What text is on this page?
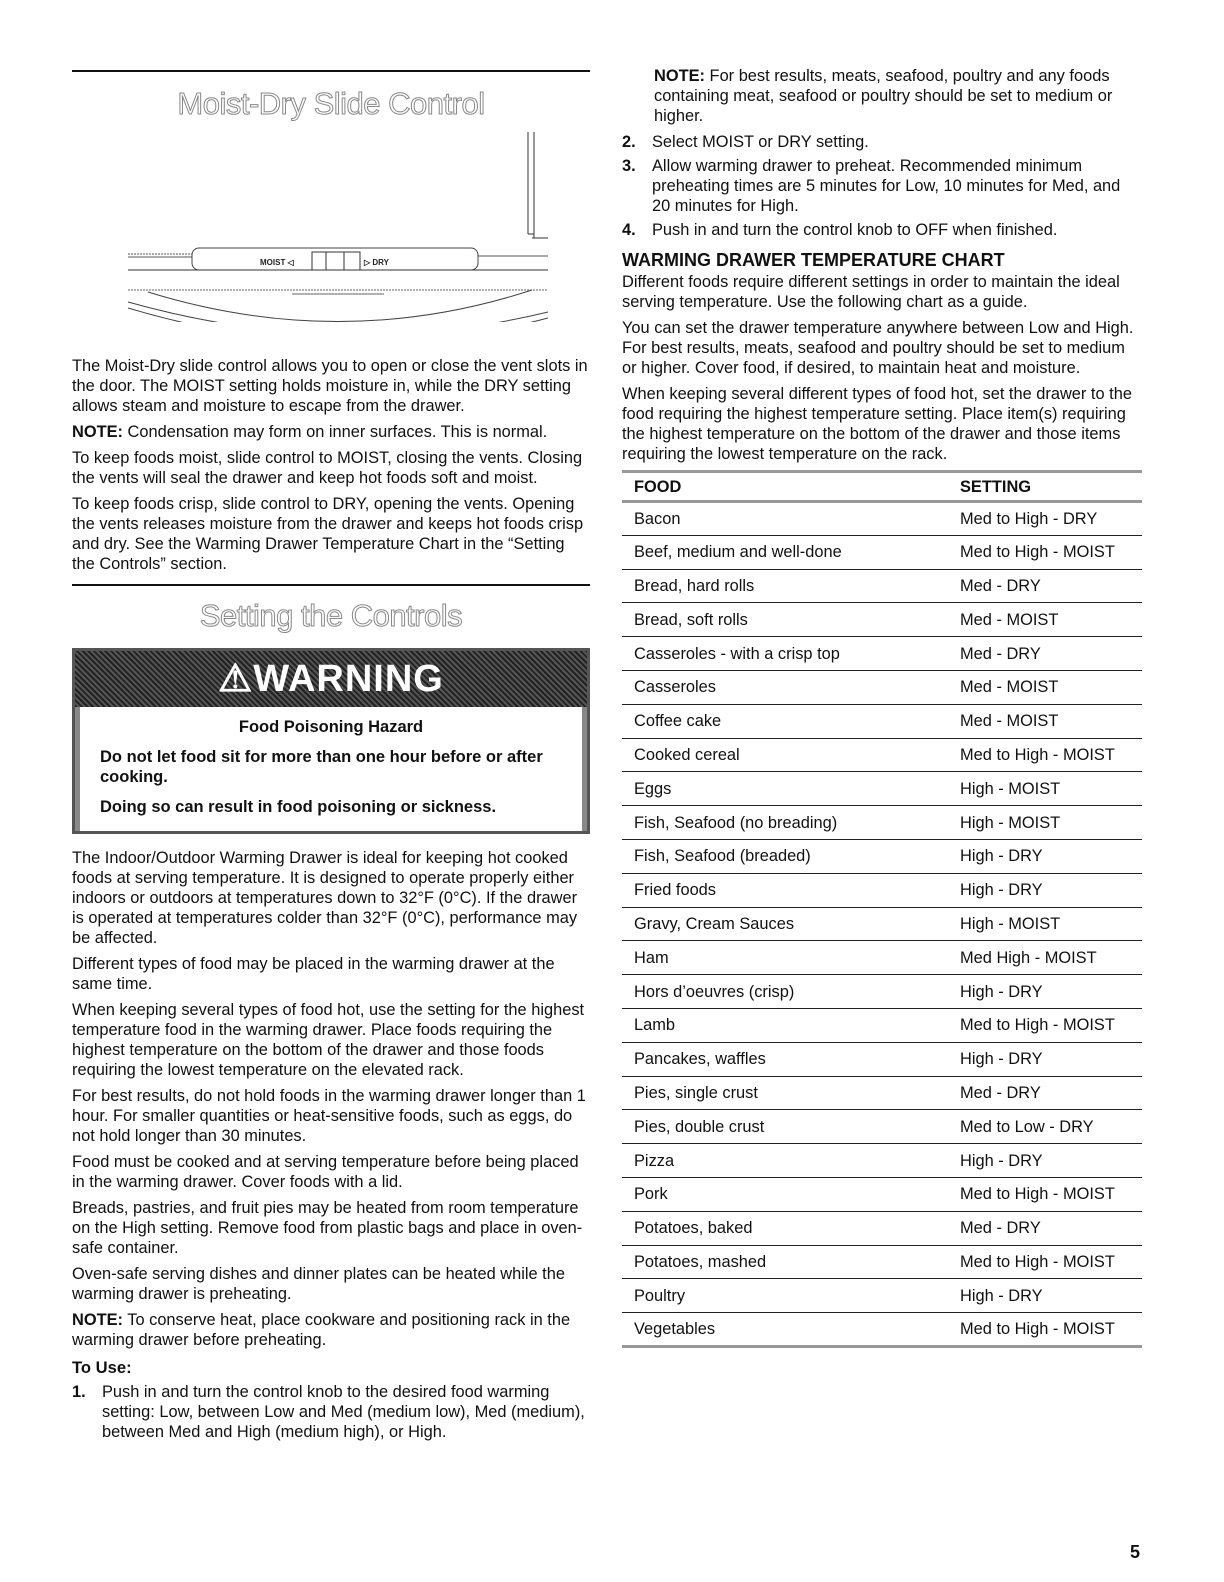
Moist-Dry Slide Control
MOIST ◁	▷ DRY

The Moist-Dry slide control allows you to open or close the vent slots in the door. The MOIST setting holds moisture in, while the DRY setting allows steam and moisture to escape from the drawer.

NOTE: Condensation may form on inner surfaces. This is normal.

To keep foods moist, slide control to MOIST, closing the vents. Closing the vents will seal the drawer and keep hot foods soft and moist.

To keep foods crisp, slide control to DRY, opening the vents. Opening the vents releases moisture from the drawer and keeps hot foods crisp and dry. See the Warming Drawer Temperature Chart in the “Setting the Controls” section.

Setting the Controls
⚠WARNING

Food Poisoning Hazard

Do not let food sit for more than one hour before or after cooking.

Doing so can result in food poisoning or sickness.

The Indoor/Outdoor Warming Drawer is ideal for keeping hot cooked foods at serving temperature. It is designed to operate properly either indoors or outdoors at temperatures down to 32°F (0°C). If the drawer is operated at temperatures colder than 32°F (0°C), performance may be affected.

Different types of food may be placed in the warming drawer at the same time.

When keeping several types of food hot, use the setting for the highest temperature food in the warming drawer. Place foods requiring the highest temperature on the bottom of the drawer and those foods requiring the lowest temperature on the elevated rack.

For best results, do not hold foods in the warming drawer longer than 1 hour. For smaller quantities or heat-sensitive foods, such as eggs, do not hold longer than 30 minutes.

Food must be cooked and at serving temperature before being placed in the warming drawer. Cover foods with a lid.

Breads, pastries, and fruit pies may be heated from room temperature on the High setting. Remove food from plastic bags and place in oven-safe container.

Oven-safe serving dishes and dinner plates can be heated while the warming drawer is preheating.

NOTE: To conserve heat, place cookware and positioning rack in the warming drawer before preheating.

To Use:
1. Push in and turn the control knob to the desired food warming setting: Low, between Low and Med (medium low), Med (medium), between Med and High (medium high), or High.

NOTE: For best results, meats, seafood, poultry and any foods containing meat, seafood or poultry should be set to medium or higher.

2. Select MOIST or DRY setting.
3. Allow warming drawer to preheat. Recommended minimum preheating times are 5 minutes for Low, 10 minutes for Med, and 20 minutes for High.
4. Push in and turn the control knob to OFF when finished.
WARMING DRAWER TEMPERATURE CHART

Different foods require different settings in order to maintain the ideal serving temperature. Use the following chart as a guide.

You can set the drawer temperature anywhere between Low and High. For best results, meats, seafood and poultry should be set to medium or higher. Cover food, if desired, to maintain heat and moisture.

When keeping several different types of food hot, set the drawer to the food requiring the highest temperature setting. Place item(s) requiring the highest temperature on the bottom of the drawer and those items requiring the lowest temperature on the rack.

FOOD	SETTING
Bacon	Med to High - DRY
Beef, medium and well-done	Med to High - MOIST
Bread, hard rolls	Med - DRY
Bread, soft rolls	Med - MOIST
Casseroles - with a crisp top	Med - DRY
Casseroles	Med - MOIST
Coffee cake	Med - MOIST
Cooked cereal	Med to High - MOIST
Eggs	High - MOIST
Fish, Seafood (no breading)	High - MOIST
Fish, Seafood (breaded)	High - DRY
Fried foods	High - DRY
Gravy, Cream Sauces	High - MOIST
Ham	Med High - MOIST
Hors d’oeuvres (crisp)	High - DRY
Lamb	Med to High - MOIST
Pancakes, waffles	High - DRY
Pies, single crust	Med - DRY
Pies, double crust	Med to Low - DRY
Pizza	High - DRY
Pork	Med to High - MOIST
Potatoes, baked	Med - DRY
Potatoes, mashed	Med to High - MOIST
Poultry	High - DRY
Vegetables	Med to High - MOIST
5
